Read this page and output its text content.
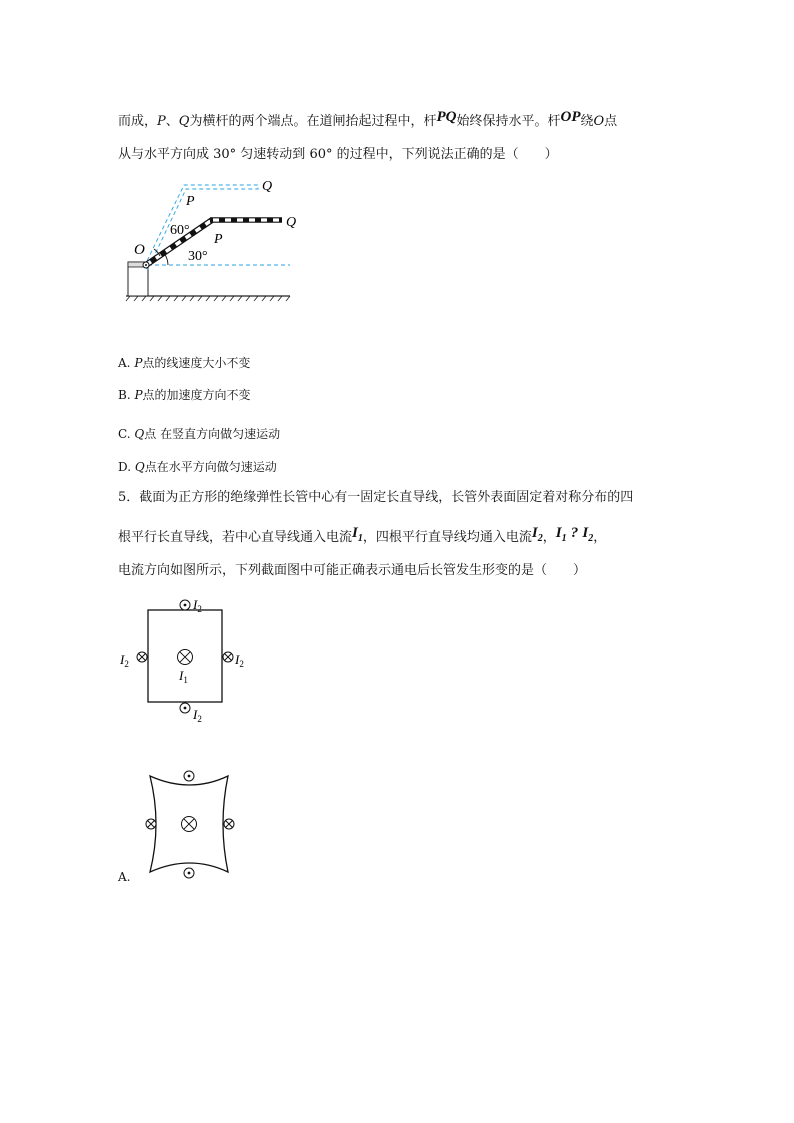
而成，P、Q为横杆的两个端点。在道闸抬起过程中，杆PQ始终保持水平。杆OP绕O点
从与水平方向成 30° 匀速转动到 60° 的过程中，下列说法正确的是（　　）
O
60°
30°
P
Q
P
Q
A. P点的线速度大小不变
B. P点的加速度方向不变
C. Q点 在竖直方向做匀速运动
D. Q点在水平方向做匀速运动
5．截面为正方形的绝缘弹性长管中心有一固定长直导线，长管外表面固定着对称分布的四
根平行长直导线，若中心直导线通入电流$I_1$，四根平行直导线均通入电流$I_2$，$I_1$ ? $I_2$，
电流方向如图所示，下列截面图中可能正确表示通电后长管发生形变的是（　　）
$I_2$
$I_2$	$I_2$
$I_1$
$I_2$
A.
